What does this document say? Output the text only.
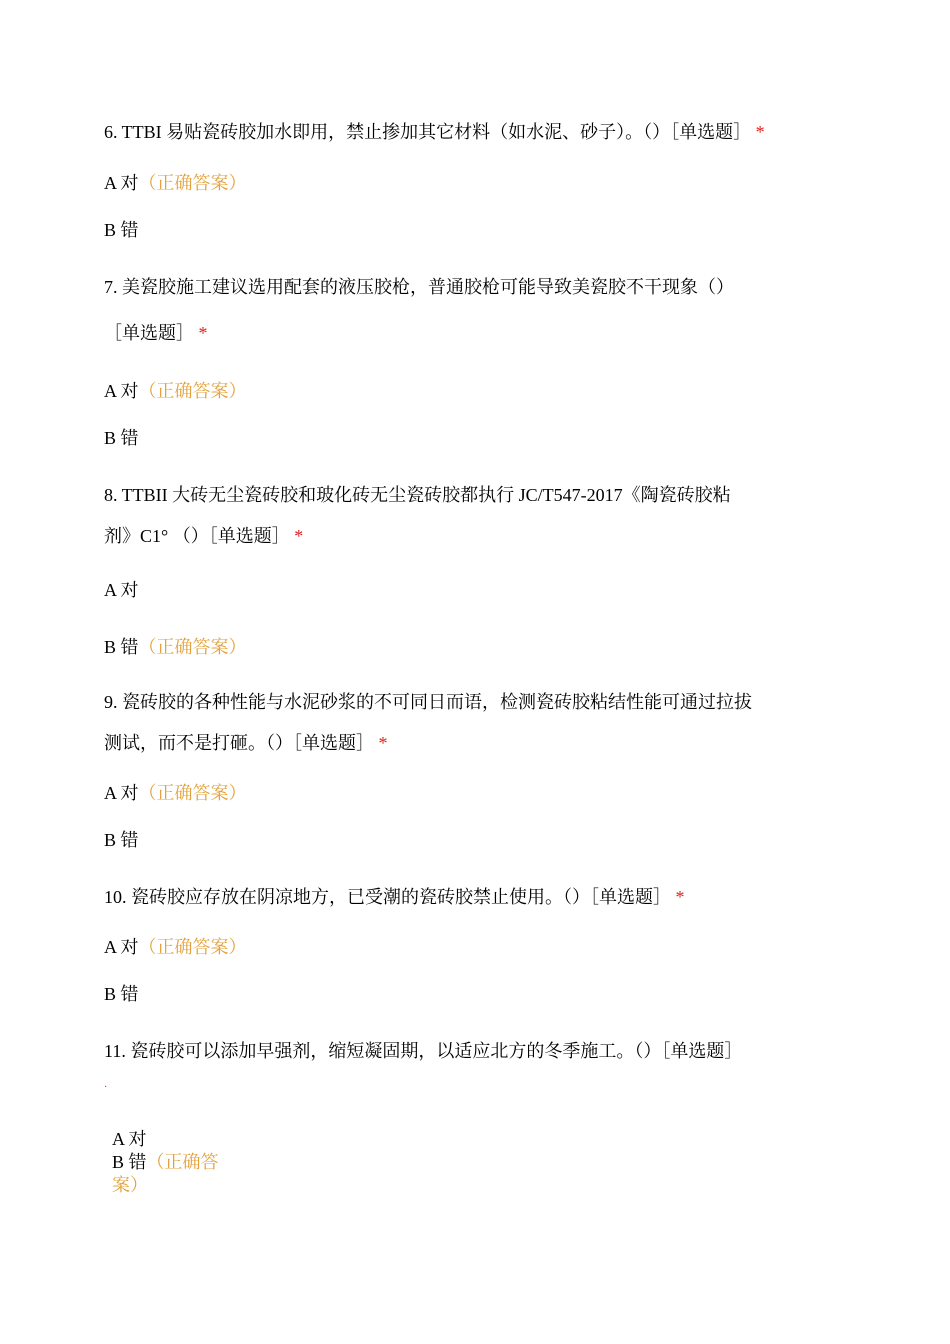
6. TTBI 易贴瓷砖胶加水即用，禁止掺加其它材料（如水泥、砂子）。（）［单选题］ *
A 对（正确答案）
B 错
7. 美瓷胶施工建议选用配套的液压胶枪，普通胶枪可能导致美瓷胶不干现象（）
［单选题］ *
A 对（正确答案）
B 错
8. TTBII 大砖无尘瓷砖胶和玻化砖无尘瓷砖胶都执行 JC/T547-2017《陶瓷砖胶粘
剂》C1° （）［单选题］ *
A 对
B 错（正确答案）
9. 瓷砖胶的各种性能与水泥砂浆的不可同日而语，检测瓷砖胶粘结性能可通过拉拔
测试，而不是打砸。（）［单选题］ *
A 对（正确答案）
B 错
10. 瓷砖胶应存放在阴凉地方，已受潮的瓷砖胶禁止使用。（）［单选题］ *
A 对（正确答案）
B 错
11. 瓷砖胶可以添加早强剂，缩短凝固期，以适应北方的冬季施工。（）［单选题］
·
A 对
B 错（正确答
案）
